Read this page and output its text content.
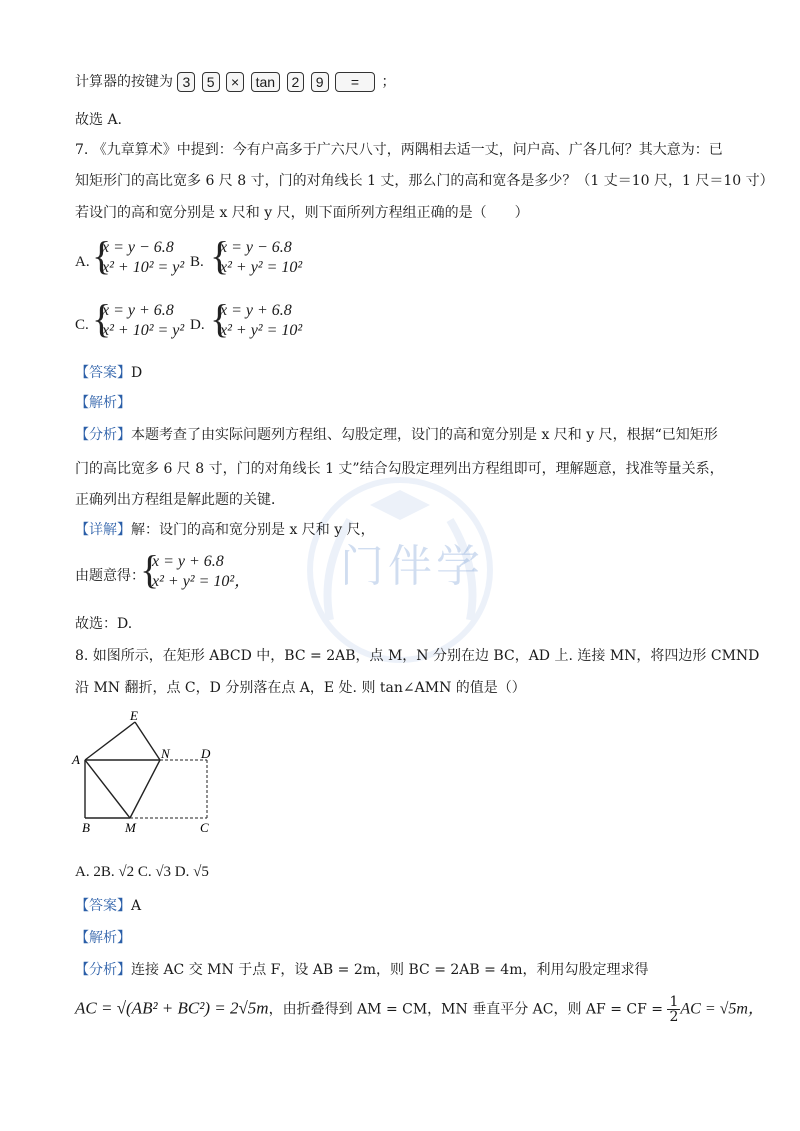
门伴学
计算器的按键为 3 5 × tan 2 9 = ；
故选 A.
7. 《九章算术》中提到：今有户高多于广六尺八寸，两隅相去适一丈，问户高、广各几何？其大意为：已
知矩形门的高比宽多 6 尺 8 寸，门的对角线长 1 丈，那么门的高和宽各是多少？（1 丈＝10 尺，1 尺＝10 寸）
若设门的高和宽分别是 x 尺和 y 尺，则下面所列方程组正确的是（　　）
A. {
x = y − 6.8
x² + 10² = y² B. {
x = y − 6.8
x² + y² = 10²
C. {
x = y + 6.8
x² + 10² = y² D. {
x = y + 6.8
x² + y² = 10²
【答案】D
【解析】
【分析】本题考查了由实际问题列方程组、勾股定理，设门的高和宽分别是 x 尺和 y 尺，根据“已知矩形
门的高比宽多 6 尺 8 寸，门的对角线长 1 丈”结合勾股定理列出方程组即可，理解题意，找准等量关系，
正确列出方程组是解此题的关键．
【详解】解：设门的高和宽分别是 x 尺和 y 尺，
由题意得：
{
x = y + 6.8
x² + y² = 10²，
故选：D.
8. 如图所示，在矩形 ABCD 中，BC = 2AB，点 M，N 分别在边 BC，AD 上. 连接 MN，将四边形 CMND
沿 MN 翻折，点 C，D 分别落在点 A，E 处. 则 tan∠AMN 的值是（）
E
A	N D
B	M	C
A. 2B. √2 C. √3 D. √5
【答案】A
【解析】
【分析】连接 AC 交 MN 于点 F，设 AB = 2m，则 BC = 2AB = 4m，利用勾股定理求得
AC = √(AB² + BC²) = 2√5m，由折叠得到 AM = CM，MN 垂直平分 AC，则 AF = CF = $\frac{1}{2}$ AC = √5m，
